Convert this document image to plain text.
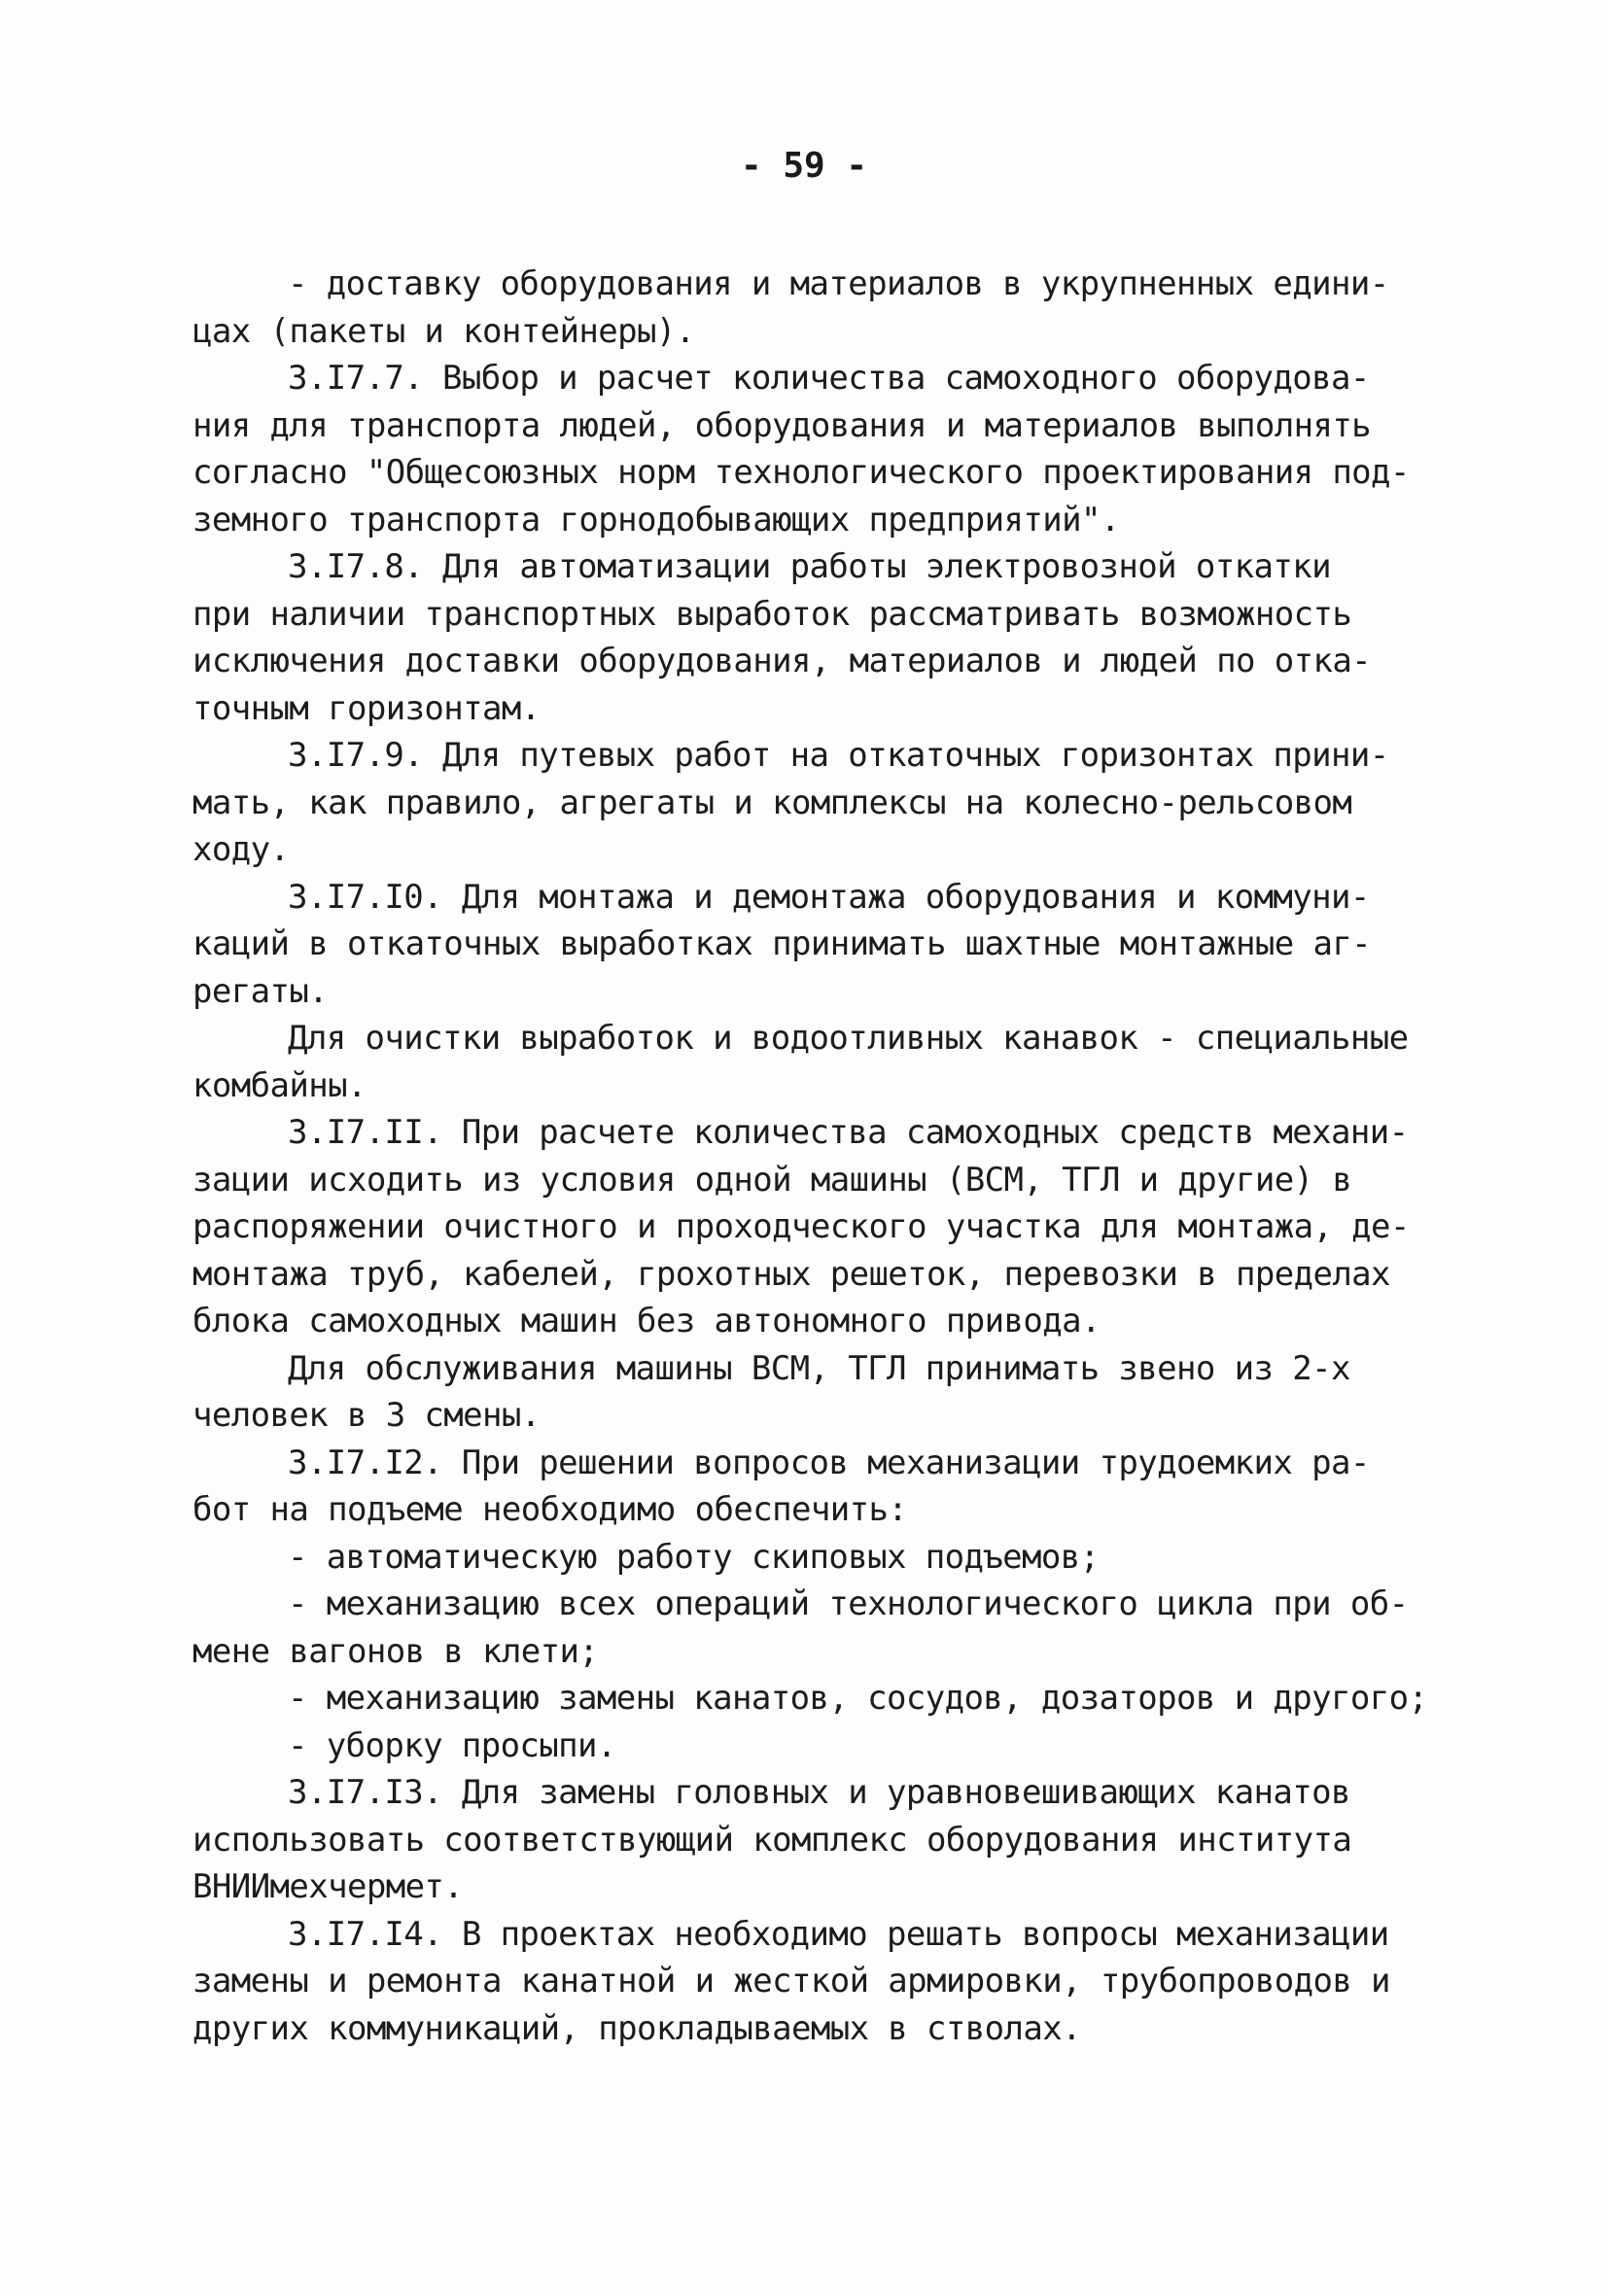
- 59 -
- доставку оборудования и материалов в укрупненных едини-
цах (пакеты и контейнеры).
3.I7.7. Выбор и расчет количества самоходного оборудова-
ния для транспорта людей, оборудования и материалов выполнять
согласно "Общесоюзных норм технологического проектирования под-
земного транспорта горнодобывающих предприятий".
3.I7.8. Для автоматизации работы электровозной откатки
при наличии транспортных выработок рассматривать возможность
исключения доставки оборудования, материалов и людей по отка-
точным горизонтам.
3.I7.9. Для путевых работ на откаточных горизонтах прини-
мать, как правило, агрегаты и комплексы на колесно-рельсовом
ходу.
3.I7.I0. Для монтажа и демонтажа оборудования и коммуни-
каций в откаточных выработках принимать шахтные монтажные аг-
регаты.
Для очистки выработок и водоотливных канавок - специальные
комбайны.
3.I7.II. При расчете количества самоходных средств механи-
зации исходить из условия одной машины (ВСМ, ТГЛ и другие) в
распоряжении очистного и проходческого участка для монтажа, де-
монтажа труб, кабелей, грохотных решеток, перевозки в пределах
блока самоходных машин без автономного привода.
Для обслуживания машины ВСМ, ТГЛ принимать звено из 2-х
человек в 3 смены.
3.I7.I2. При решении вопросов механизации трудоемких ра-
бот на подъеме необходимо обеспечить:
- автоматическую работу скиповых подъемов;
- механизацию всех операций технологического цикла при об-
мене вагонов в клети;
- механизацию замены канатов, сосудов, дозаторов и другого;
- уборку просыпи.
3.I7.I3. Для замены головных и уравновешивающих канатов
использовать соответствующий комплекс оборудования института
ВНИИмехчермет.
3.I7.I4. В проектах необходимо решать вопросы механизации
замены и ремонта канатной и жесткой армировки, трубопроводов и
других коммуникаций, прокладываемых в стволах.
